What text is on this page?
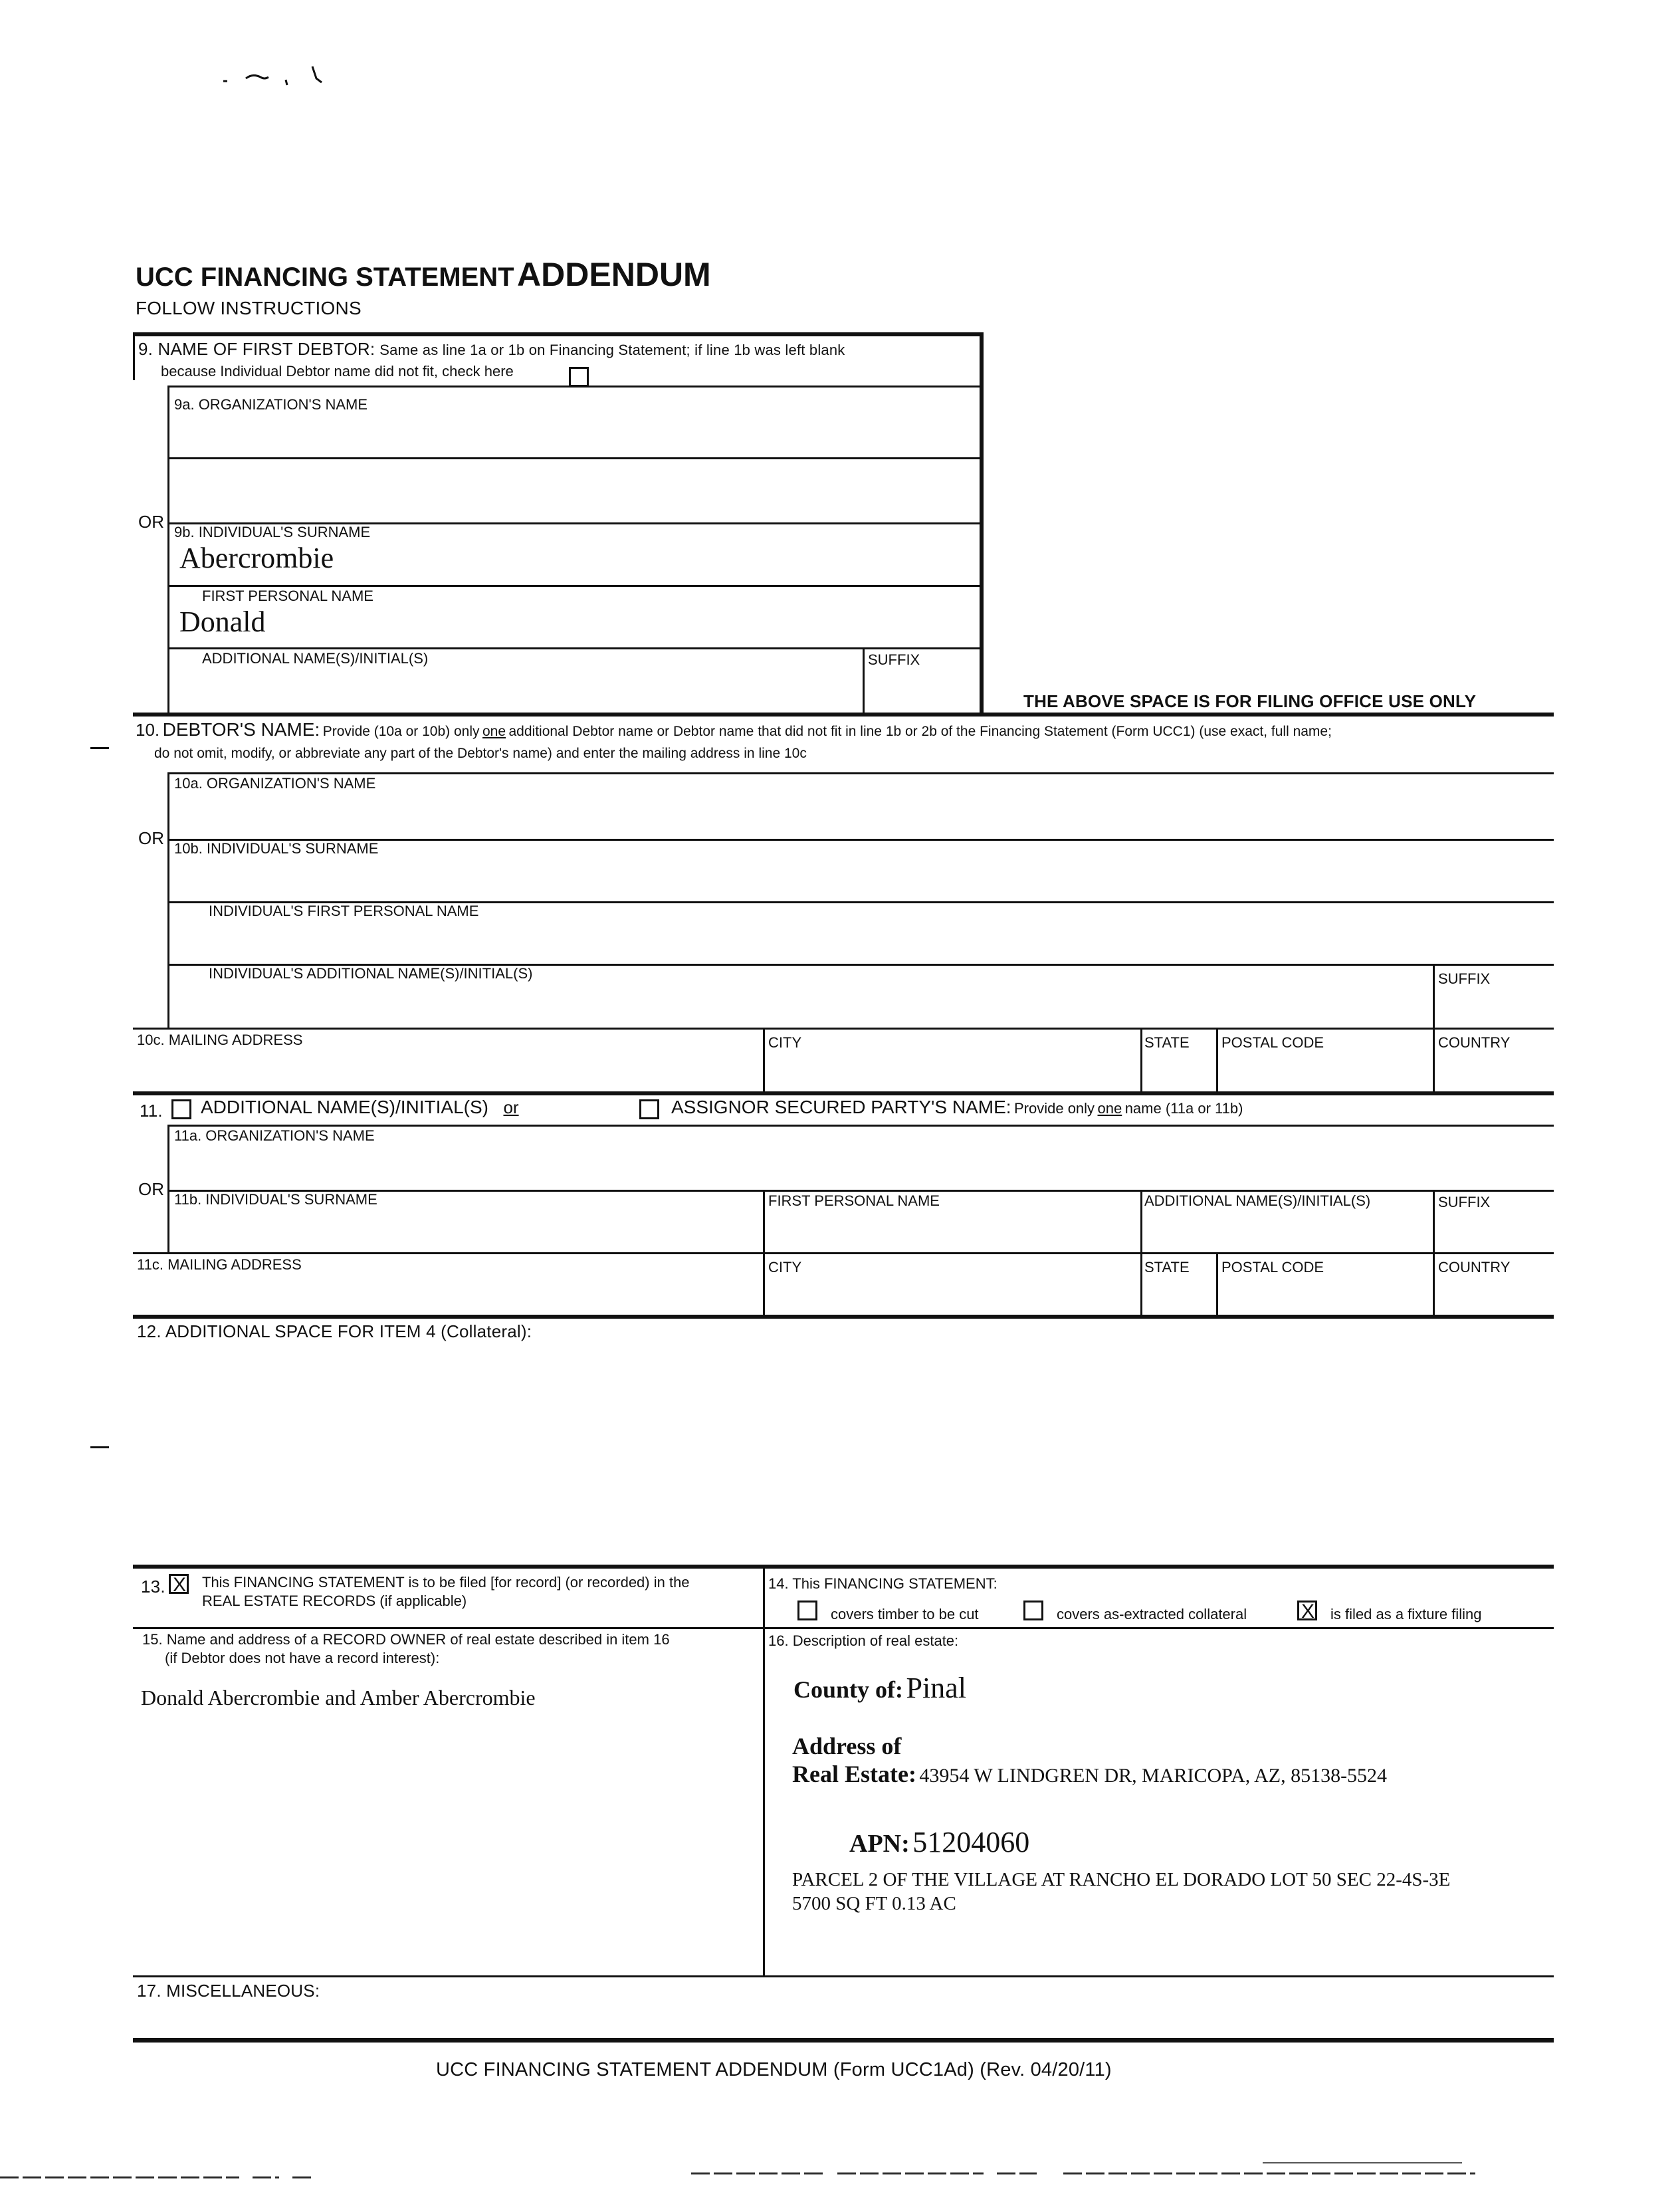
UCC FINANCING STATEMENT ADDENDUM
FOLLOW INSTRUCTIONS
9. NAME OF FIRST DEBTOR: Same as line 1a or 1b on Financing Statement; if line 1b was left blank
because Individual Debtor name did not fit, check here
9a. ORGANIZATION'S NAME
OR
9b. INDIVIDUAL'S SURNAME
Abercrombie
FIRST PERSONAL NAME
Donald
ADDITIONAL NAME(S)/INITIAL(S)	SUFFIX
THE ABOVE SPACE IS FOR FILING OFFICE USE ONLY
10. DEBTOR'S NAME: Provide (10a or 10b) only one additional Debtor name or Debtor name that did not fit in line 1b or 2b of the Financing Statement (Form UCC1) (use exact, full name;
do not omit, modify, or abbreviate any part of the Debtor's name) and enter the mailing address in line 10c
10a. ORGANIZATION'S NAME
OR
10b. INDIVIDUAL'S SURNAME
INDIVIDUAL'S FIRST PERSONAL NAME
INDIVIDUAL'S ADDITIONAL NAME(S)/INITIAL(S)	SUFFIX
10c. MAILING ADDRESS	CITY	STATE POSTAL CODE	COUNTRY
11. ADDITIONAL NAME(S)/INITIAL(S) or	ASSIGNOR SECURED PARTY'S NAME: Provide only one name (11a or 11b)
11a. ORGANIZATION'S NAME
OR
11b. INDIVIDUAL'S SURNAME	FIRST PERSONAL NAME	ADDITIONAL NAME(S)/INITIAL(S)	SUFFIX
11c. MAILING ADDRESS	CITY	STATE POSTAL CODE	COUNTRY
12. ADDITIONAL SPACE FOR ITEM 4 (Collateral):
13. X	This FINANCING STATEMENT is to be filed [for record] (or recorded) in the
REAL ESTATE RECORDS (if applicable)
14. This FINANCING STATEMENT:
covers timber to be cut	covers as-extracted collateral X	is filed as a fixture filing
15. Name and address of a RECORD OWNER of real estate described in item 16
(if Debtor does not have a record interest):
Donald Abercrombie and Amber Abercrombie
16. Description of real estate:
County of: Pinal
Address of
Real Estate: 43954 W LINDGREN DR, MARICOPA, AZ, 85138-5524
APN: 51204060
PARCEL 2 OF THE VILLAGE AT RANCHO EL DORADO LOT 50 SEC 22-4S-3E
5700 SQ FT 0.13 AC
17. MISCELLANEOUS:
UCC FINANCING STATEMENT ADDENDUM (Form UCC1Ad) (Rev. 04/20/11)
